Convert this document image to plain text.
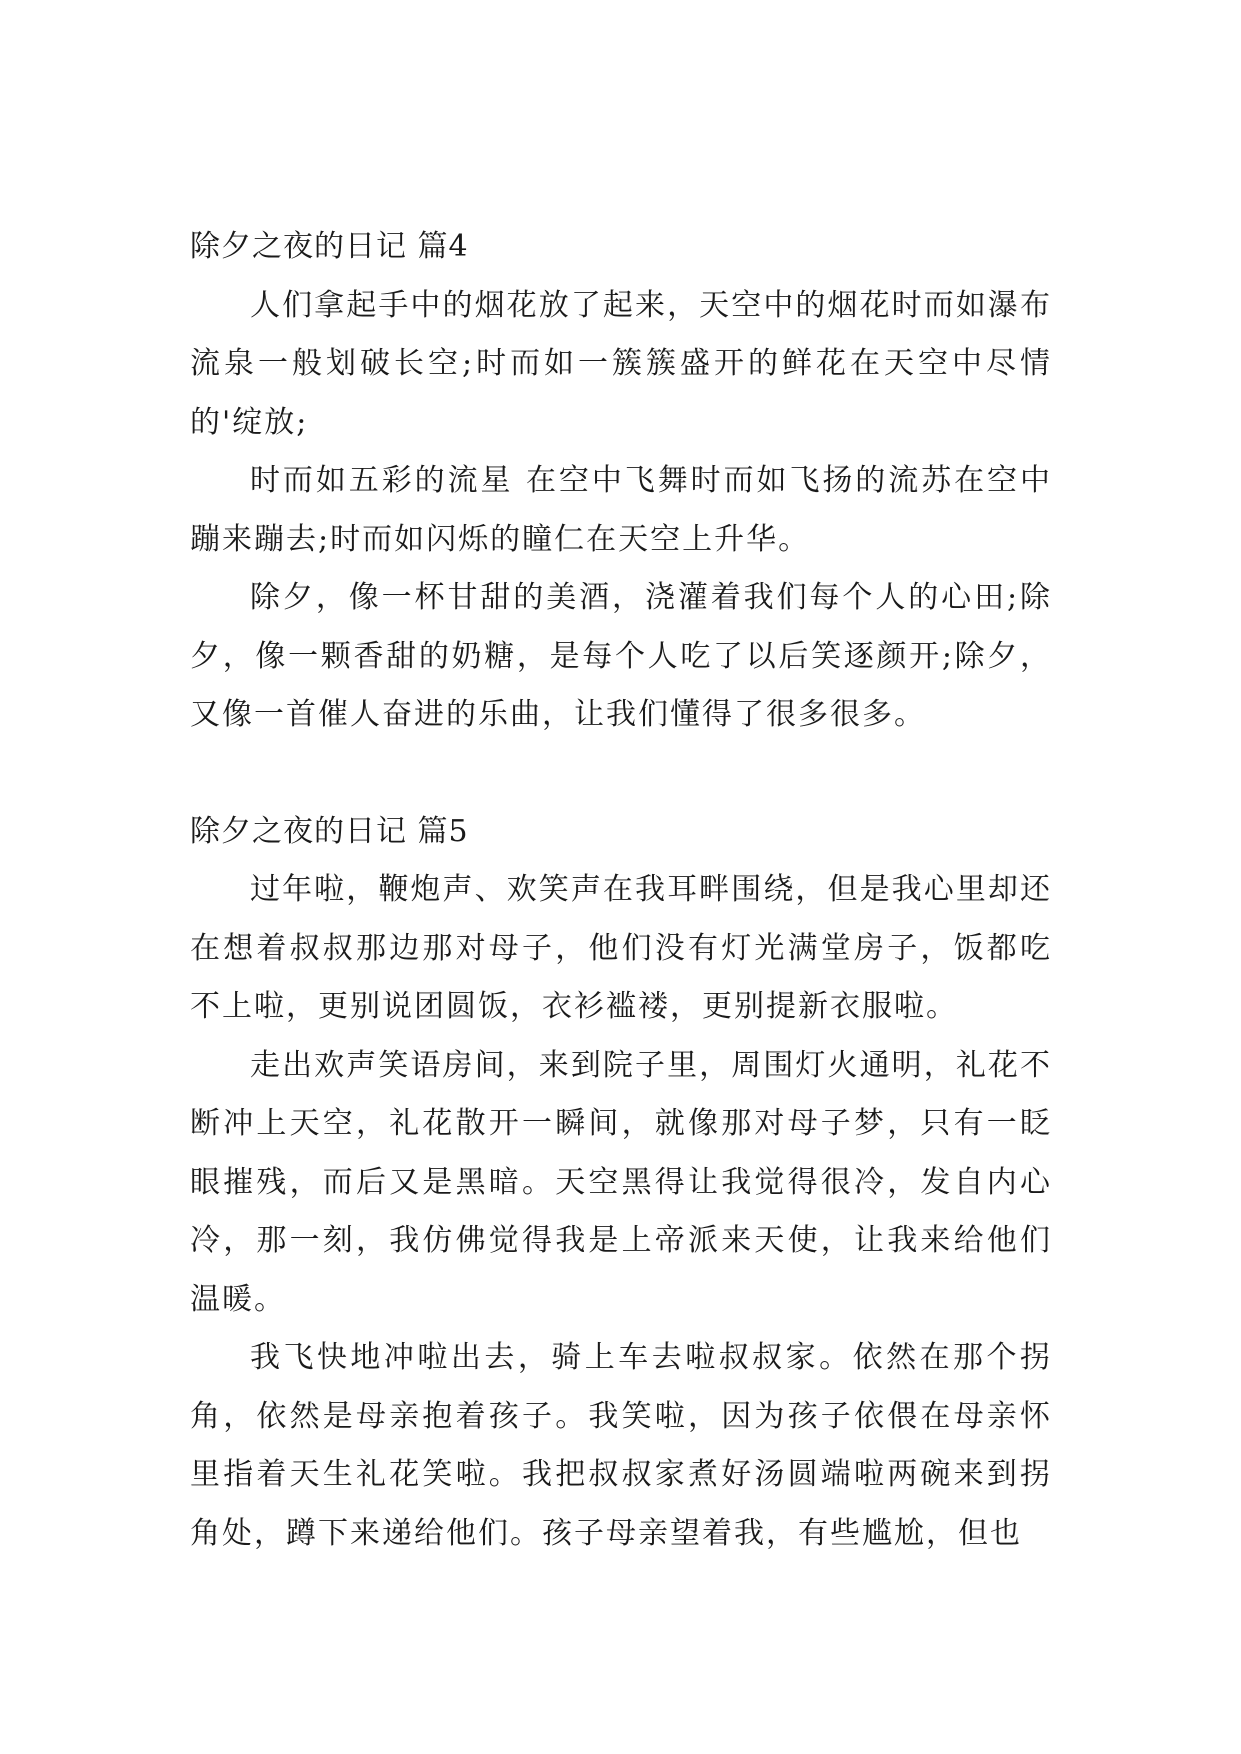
除夕之夜的日记 篇4

人们拿起手中的烟花放了起来，天空中的烟花时而如瀑布流泉一般划破长空;时而如一簇簇盛开的鲜花在天空中尽情的'绽放;

时而如五彩的流星 在空中飞舞时而如飞扬的流苏在空中蹦来蹦去;时而如闪烁的瞳仁在天空上升华。

除夕，像一杯甘甜的美酒，浇灌着我们每个人的心田;除夕，像一颗香甜的奶糖，是每个人吃了以后笑逐颜开;除夕，又像一首催人奋进的乐曲，让我们懂得了很多很多。

除夕之夜的日记 篇5

过年啦，鞭炮声、欢笑声在我耳畔围绕，但是我心里却还在想着叔叔那边那对母子，他们没有灯光满堂房子，饭都吃不上啦，更别说团圆饭，衣衫褴褛，更别提新衣服啦。

走出欢声笑语房间，来到院子里，周围灯火通明，礼花不断冲上天空，礼花散开一瞬间，就像那对母子梦，只有一眨眼摧残，而后又是黑暗。天空黑得让我觉得很冷，发自内心冷，那一刻，我仿佛觉得我是上帝派来天使，让我来给他们温暖。

我飞快地冲啦出去，骑上车去啦叔叔家。依然在那个拐角，依然是母亲抱着孩子。我笑啦，因为孩子依偎在母亲怀里指着天生礼花笑啦。我把叔叔家煮好汤圆端啦两碗来到拐角处，蹲下来递给他们。孩子母亲望着我，有些尴尬，但也
